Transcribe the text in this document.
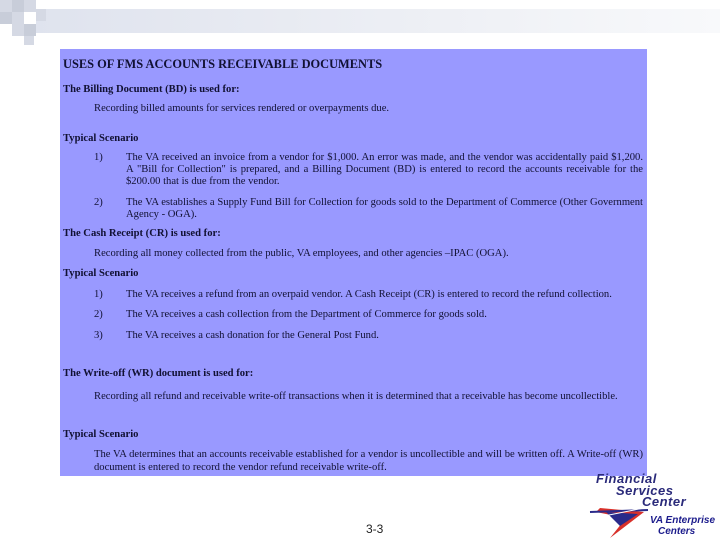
USES OF FMS ACCOUNTS RECEIVABLE DOCUMENTS
The Billing Document (BD) is used for:
Recording billed amounts for services rendered or overpayments due.
Typical Scenario
1)	The VA received an invoice from a vendor for $1,000. An error was made, and the vendor was accidentally paid $1,200. A "Bill for Collection" is prepared, and a Billing Document (BD) is entered to record the accounts receivable for the $200.00 that is due from the vendor.
2)	The VA establishes a Supply Fund Bill for Collection for goods sold to the Department of Commerce (Other Government Agency - OGA).
The Cash Receipt (CR) is used for:
Recording all money collected from the public, VA employees, and other agencies –IPAC (OGA).
Typical Scenario
1)	The VA receives a refund from an overpaid vendor. A Cash Receipt (CR) is entered to record the refund collection.
2)	The VA receives a cash collection from the Department of Commerce for goods sold.
3)	The VA receives a cash donation for the General Post Fund.
The Write-off (WR) document is used for:
Recording all refund and receivable write-off transactions when it is determined that a receivable has become uncollectible.
Typical Scenario
The VA determines that an accounts receivable established for a vendor is uncollectible and will be written off. A Write-off (WR) document is entered to record the vendor refund receivable write-off.
3-3
Financial
Services
Center
VA Enterprise
Centers
